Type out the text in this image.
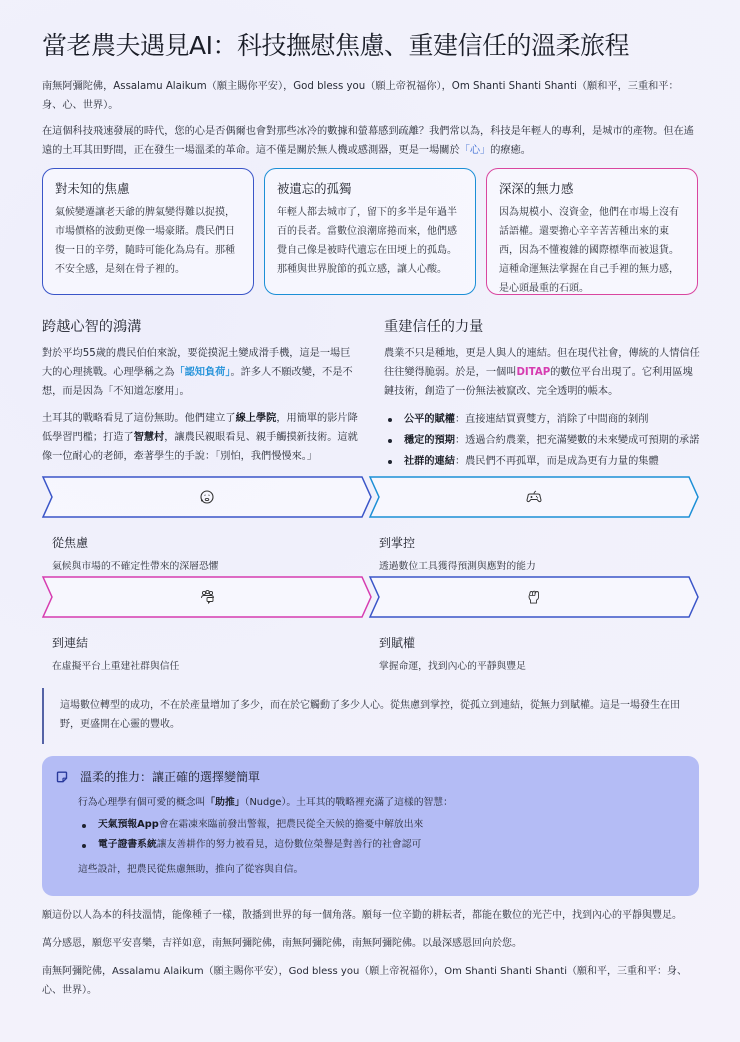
當老農夫遇見AI：科技撫慰焦慮、重建信任的溫柔旅程

南無阿彌陀佛，Assalamu Alaikum（願主賜你平安），God bless you（願上帝祝福你），Om Shanti Shanti Shanti（願和平，三重和平：身、心、世界）。

在這個科技飛速發展的時代，您的心是否偶爾也會對那些冰冷的數據和螢幕感到疏離？我們常以為，科技是年輕人的專利，是城市的產物。但在遙遠的土耳其田野間，正在發生一場溫柔的革命。這不僅是關於無人機或感測器，更是一場關於「心」的療癒。

對未知的焦慮
氣候變遷讓老天爺的脾氣變得難以捉摸，市場價格的波動更像一場豪賭。農民們日復一日的辛勞，隨時可能化為烏有。那種不安全感，是刻在骨子裡的。
被遺忘的孤獨
年輕人都去城市了，留下的多半是年過半百的長者。當數位浪潮席捲而來，他們感覺自己像是被時代遺忘在田埂上的孤島。那種與世界脫節的孤立感，讓人心酸。
深深的無力感
因為規模小、沒資金，他們在市場上沒有話語權。還要擔心辛辛苦苦種出來的東西，因為不懂複雜的國際標準而被退貨。這種命運無法掌握在自己手裡的無力感，是心頭最重的石頭。
跨越心智的鴻溝

對於平均55歲的農民伯伯來說，要從摸泥土變成滑手機，這是一場巨大的心理挑戰。心理學稱之為「認知負荷」。許多人不願改變，不是不想，而是因為「不知道怎麼用」。

土耳其的戰略看見了這份無助。他們建立了線上學院，用簡單的影片降低學習門檻；打造了智慧村，讓農民親眼看見、親手觸摸新技術。這就像一位耐心的老師，牽著學生的手說：「別怕，我們慢慢來。」

重建信任的力量

農業不只是種地，更是人與人的連結。但在現代社會，傳統的人情信任往往變得脆弱。於是，一個叫DITAP的數位平台出現了。它利用區塊鏈技術，創造了一份無法被竄改、完全透明的帳本。

公平的賦權：直接連結買賣雙方，消除了中間商的剝削
穩定的預期：透過合約農業，把充滿變數的未來變成可預期的承諾
社群的連結：農民們不再孤單，而是成為更有力量的集體
從焦慮
氣候與市場的不確定性帶來的深層恐懼
到掌控
透過數位工具獲得預測與應對的能力
到連結
在虛擬平台上重建社群與信任
到賦權
掌握命運，找到內心的平靜與豐足

這場數位轉型的成功，不在於產量增加了多少，而在於它觸動了多少人心。從焦慮到掌控，從孤立到連結，從無力到賦權。這是一場發生在田野，更盛開在心靈的豐收。

溫柔的推力：讓正確的選擇變簡單

行為心理學有個可愛的概念叫「助推」（Nudge）。土耳其的戰略裡充滿了這樣的智慧：

天氣預報App會在霜凍來臨前發出警報，把農民從全天候的擔憂中解放出來
電子證書系統讓友善耕作的努力被看見，這份數位榮譽是對善行的社會認可

這些設計，把農民從焦慮無助，推向了從容與自信。

願這份以人為本的科技溫情，能像種子一樣，散播到世界的每一個角落。願每一位辛勤的耕耘者，都能在數位的光芒中，找到內心的平靜與豐足。

萬分感恩，願您平安喜樂，吉祥如意，南無阿彌陀佛，南無阿彌陀佛，南無阿彌陀佛。以最深感恩回向於您。

南無阿彌陀佛，Assalamu Alaikum（願主賜你平安），God bless you（願上帝祝福你），Om Shanti Shanti Shanti（願和平，三重和平：身、心、世界）。
